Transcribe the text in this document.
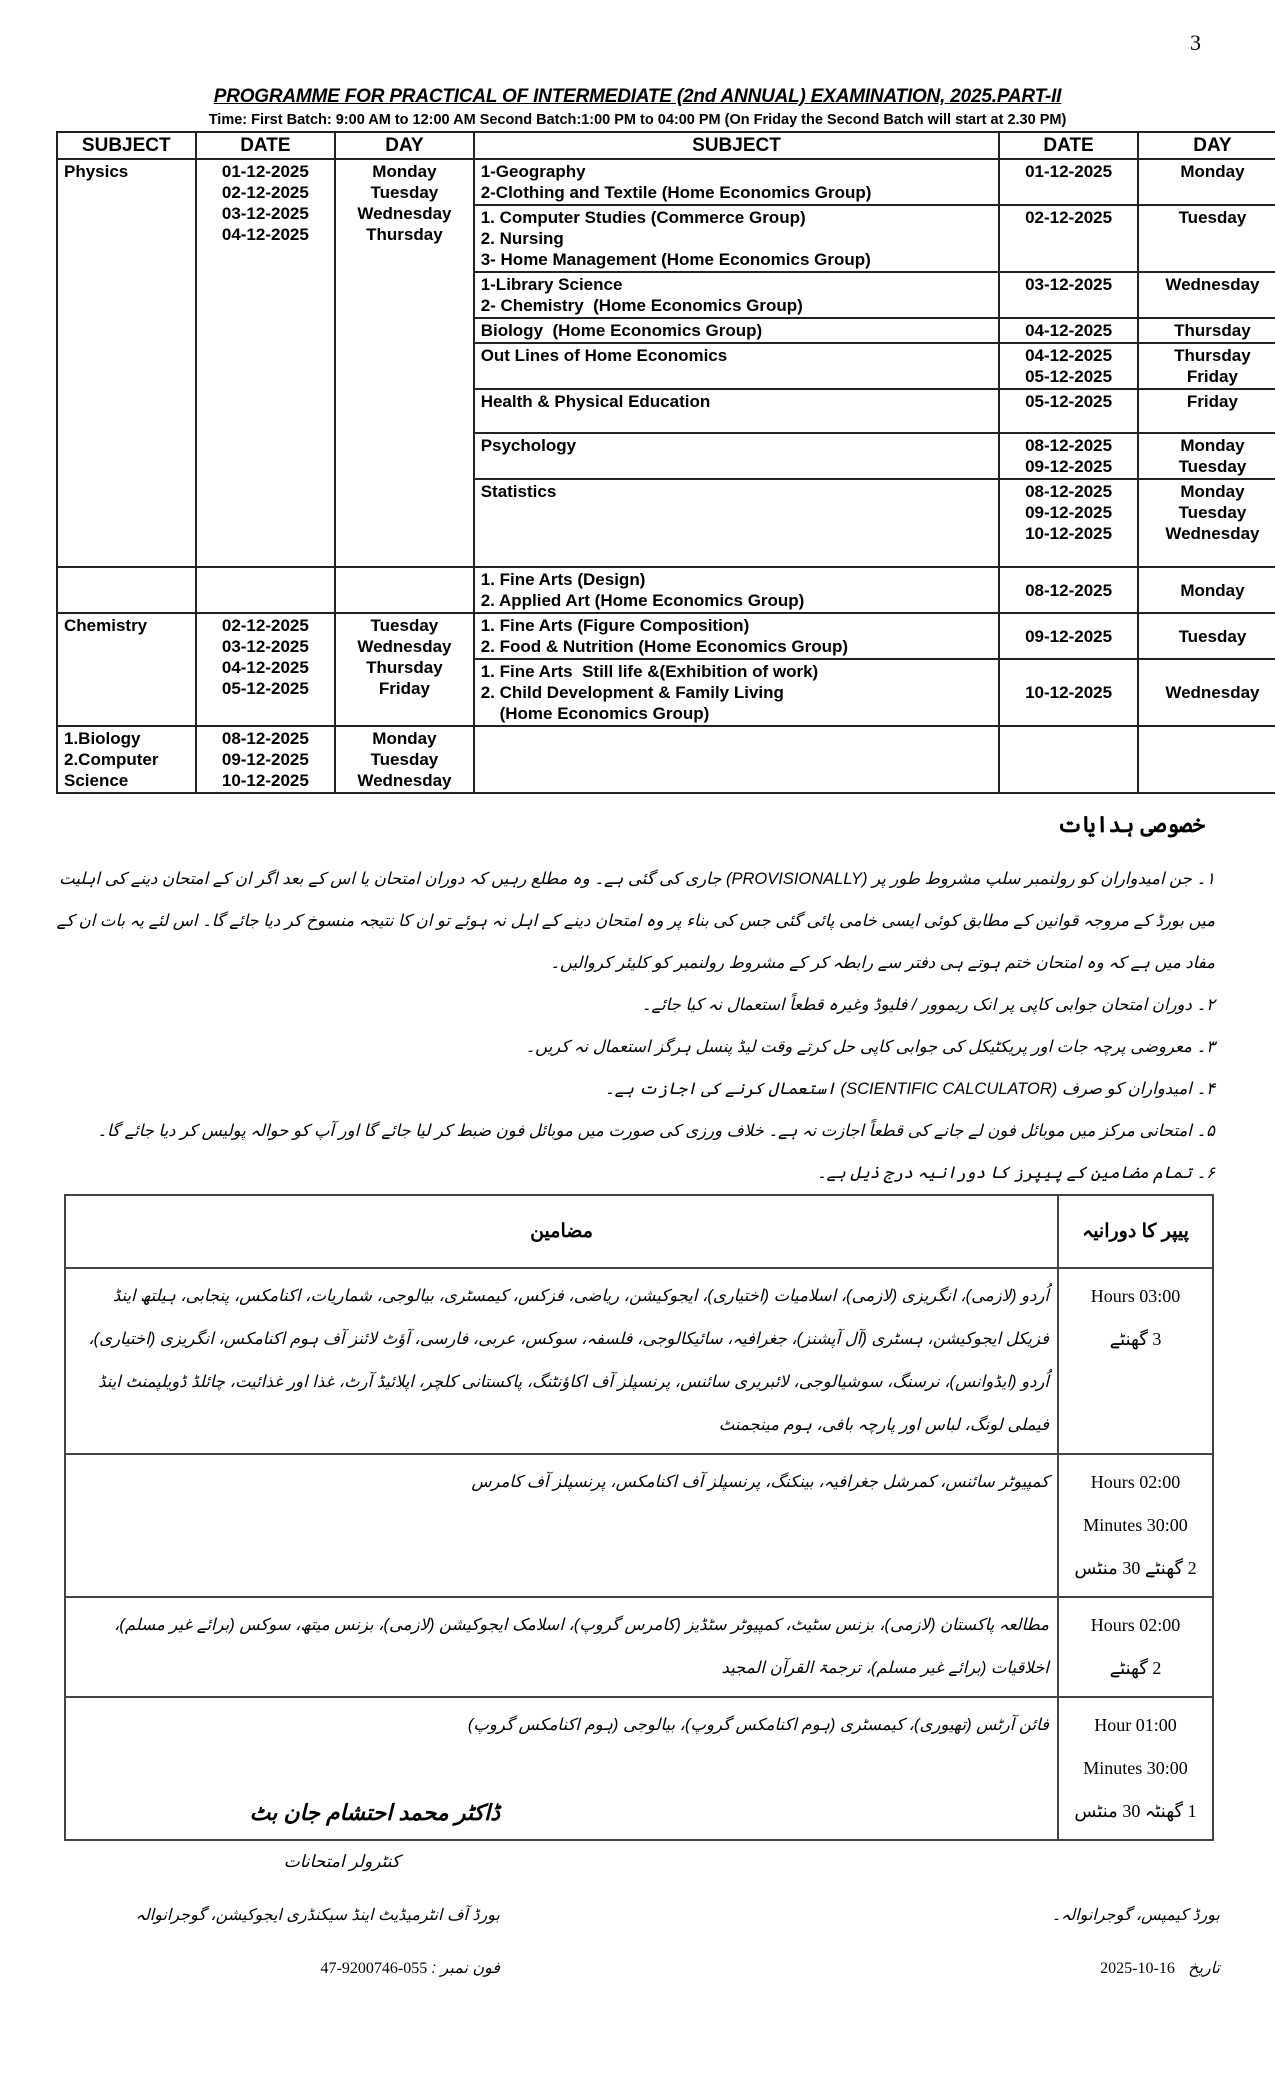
3
PROGRAMME FOR PRACTICAL OF INTERMEDIATE (2nd ANNUAL) EXAMINATION, 2025.PART-II
Time: First Batch: 9:00 AM to 12:00 AM Second Batch:1:00 PM to 04:00 PM (On Friday the Second Batch will start at 2.30 PM)
SUBJECT	DATE	DAY	SUBJECT	DATE	DAY

Physics	01-12-2025
02-12-2025
03-12-2025
04-12-2025	Monday
Tuesday
Wednesday
Thursday	1-Geography
2-Clothing and Textile (Home Economics Group)	01-12-2025	Monday

			1. Computer Studies (Commerce Group)
2. Nursing
3- Home Management (Home Economics Group)	02-12-2025	Tuesday

			1-Library Science
2- Chemistry  (Home Economics Group)	03-12-2025	Wednesday

			Biology  (Home Economics Group)	04-12-2025	Thursday

			Out Lines of Home Economics	04-12-2025
05-12-2025	Thursday
Friday

			Health & Physical Education	05-12-2025	Friday

			Psychology	08-12-2025
09-12-2025	Monday
Tuesday

			Statistics	08-12-2025
09-12-2025
10-12-2025	Monday
Tuesday
Wednesday

			1. Fine Arts (Design)
2. Applied Art (Home Economics Group)	08-12-2025	Monday

Chemistry	02-12-2025
03-12-2025
04-12-2025
05-12-2025	Tuesday
Wednesday
Thursday
Friday	1. Fine Arts (Figure Composition)
2. Food & Nutrition (Home Economics Group)	09-12-2025	Tuesday

			1. Fine Arts  Still life &(Exhibition of work)
2. Child Development & Family Living
(Home Economics Group)	10-12-2025	Wednesday

1.Biology
2.Computer
Science	08-12-2025
09-12-2025
10-12-2025	Monday
Tuesday
Wednesday			

خصوصی ہدایات

۱۔ جن امیدواران کو رولنمبر سلپ مشروط طور پر (PROVISIONALLY) جاری کی گئی ہے۔ وہ مطلع رہیں کہ دوران امتحان یا اس کے بعد اگر ان کے امتحان دینے کی اہلیت میں بورڈ کے مروجہ قوانین کے مطابق کوئی ایسی خامی پائی گئی جس کی بناء پر وہ امتحان دینے کے اہل نہ ہوئے تو ان کا نتیجہ منسوخ کر دیا جائے گا۔ اس لئے یہ بات ان کے مفاد میں ہے کہ وہ امتحان ختم ہوتے ہی دفتر سے رابطہ کر کے مشروط رولنمبر کو کلیئر کروالیں۔

۲۔ دوران امتحان جوابی کاپی پر انک ریموور / فلیوڈ وغیرہ قطعاً استعمال نہ کیا جائے۔

۳۔ معروضی پرچہ جات اور پریکٹیکل کی جوابی کاپی حل کرتے وقت لیڈ پنسل ہرگز استعمال نہ کریں۔

۴۔ امیدواران کو صرف (SCIENTIFIC CALCULATOR) استعمال کرنے کی اجازت ہے۔

۵۔ امتحانی مرکز میں موبائل فون لے جانے کی قطعاً اجازت نہ ہے۔ خلاف ورزی کی صورت میں موبائل فون ضبط کر لیا جائے گا اور آپ کو حوالہ پولیس کر دیا جائے گا۔

۶۔ تمام مضامین کے پیپرز کا دورانیہ درج ذیل ہے۔

پیپر کا دورانیہ	مضامین

03:00 Hours
3 گھنٹے	اُردو (لازمی)، انگریزی (لازمی)، اسلامیات (اختیاری)، ایجوکیشن، ریاضی، فزکس، کیمسٹری، بیالوجی، شماریات، اکنامکس، پنجابی، ہیلتھ اینڈ فزیکل ایجوکیشن، ہسٹری (آل آپشنز)، جغرافیہ، سائیکالوجی، فلسفہ، سوکس، عربی، فارسی، آؤٹ لائنز آف ہوم اکنامکس، انگریزی (اختیاری)، اُردو (ایڈوانس)، نرسنگ، سوشیالوجی، لائبریری سائنس، پرنسپلز آف اکاؤنٹنگ، پاکستانی کلچر، اپلائیڈ آرٹ، غذا اور غذائیت، چائلڈ ڈویلپمنٹ اینڈ فیملی لونگ، لباس اور پارچہ بافی، ہوم مینجمنٹ

02:00 Hours
30:00 Minutes
2 گھنٹے 30 منٹس	کمپیوٹر سائنس، کمرشل جغرافیہ، بینکنگ، پرنسپلز آف اکنامکس، پرنسپلز آف کامرس

02:00 Hours
2 گھنٹے	مطالعہ پاکستان (لازمی)، بزنس سٹیٹ، کمپیوٹر سٹڈیز (کامرس گروپ)، اسلامک ایجوکیشن (لازمی)، بزنس میتھ، سوکس (برائے غیر مسلم)، اخلاقیات (برائے غیر مسلم)، ترجمۃ القرآن المجید

01:00 Hour
30:00 Minutes
1 گھنٹہ 30 منٹس	فائن آرٹس (تھیوری)، کیمسٹری (ہوم اکنامکس گروپ)، بیالوجی (ہوم اکنامکس گروپ)
ڈاکٹر محمد احتشام جان بٹ
کنٹرولر امتحانات
بورڈ آف انٹرمیڈیٹ اینڈ سیکنڈری ایجوکیشن، گوجرانوالہ
فون نمبر : 055-9200746-47
بورڈ کیمپس، گوجرانوالہ۔
تاریخ   16-10-2025
